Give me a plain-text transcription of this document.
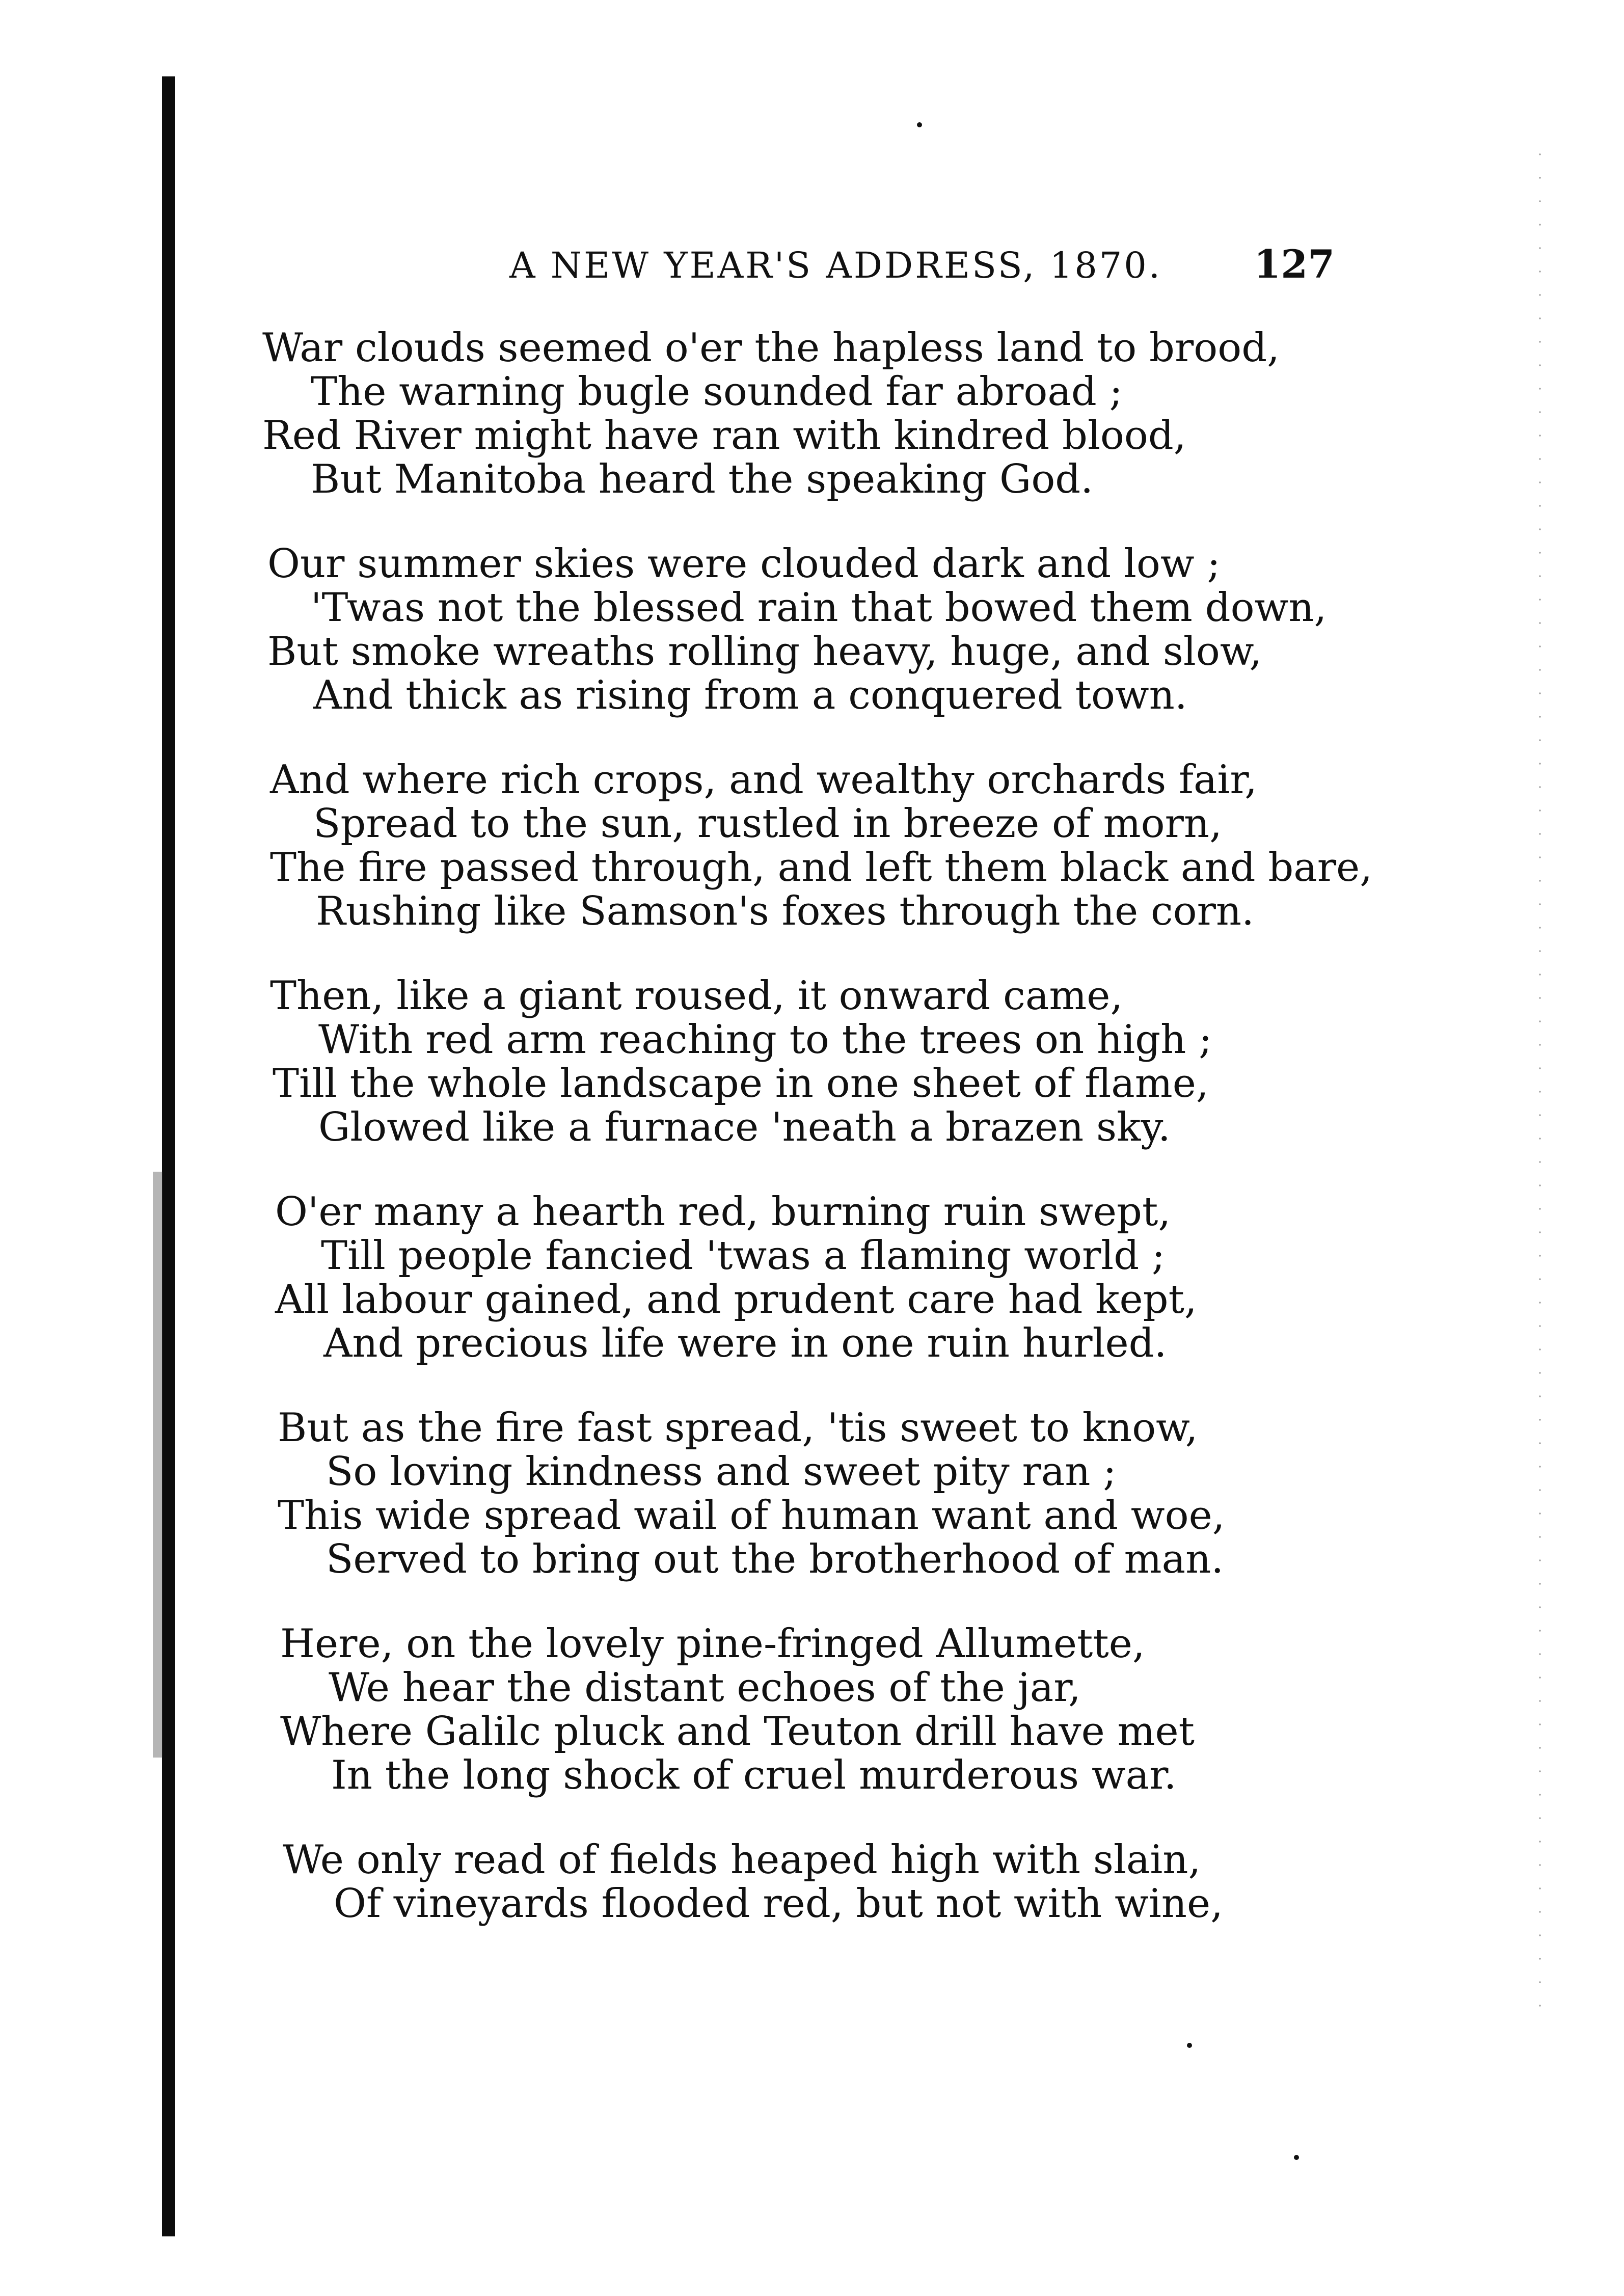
A NEW YEAR'S ADDRESS, 1870. 127
War clouds seemed o'er the hapless land to brood,
The warning bugle sounded far abroad ;
Red River might have ran with kindred blood,
But Manitoba heard the speaking God.
Our summer skies were clouded dark and low ;
'Twas not the blessed rain that bowed them down,
But smoke wreaths rolling heavy, huge, and slow,
And thick as rising from a conquered town.
And where rich crops, and wealthy orchards fair,
Spread to the sun, rustled in breeze of morn,
The fire passed through, and left them black and bare,
Rushing like Samson's foxes through the corn.
Then, like a giant roused, it onward came,
With red arm reaching to the trees on high ;
Till the whole landscape in one sheet of flame,
Glowed like a furnace 'neath a brazen sky.
O'er many a hearth red, burning ruin swept,
Till people fancied 'twas a flaming world ;
All labour gained, and prudent care had kept,
And precious life were in one ruin hurled.
But as the fire fast spread, 'tis sweet to know,
So loving kindness and sweet pity ran ;
This wide spread wail of human want and woe,
Served to bring out the brotherhood of man.
Here, on the lovely pine-fringed Allumette,
We hear the distant echoes of the jar,
Where Galilc pluck and Teuton drill have met
In the long shock of cruel murderous war.
We only read of fields heaped high with slain,
Of vineyards flooded red, but not with wine,
